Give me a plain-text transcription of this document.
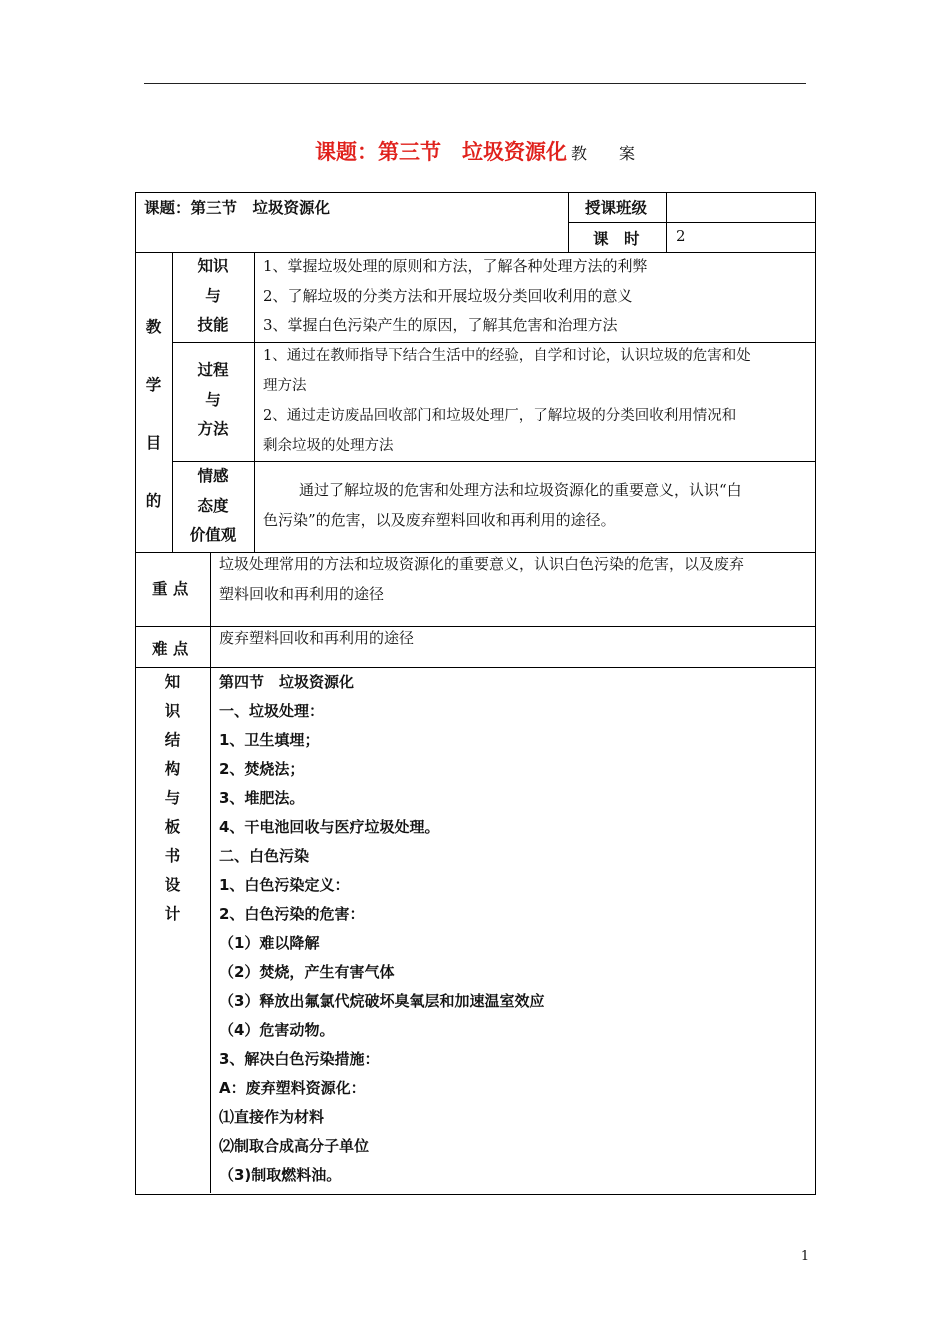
课题：第三节　垃圾资源化 教　　案
课题：第三节　垃圾资源化	授课班级
课　时 2
教
学
目
的
知识
与
技能
1、掌握垃圾处理的原则和方法，了解各种处理方法的利弊
2、了解垃圾的分类方法和开展垃圾分类回收利用的意义
3、掌握白色污染产生的原因，了解其危害和治理方法
过程
与
方法
1、通过在教师指导下结合生活中的经验，自学和讨论，认识垃圾的危害和处
理方法
2、通过走访废品回收部门和垃圾处理厂，了解垃圾的分类回收利用情况和
剩余垃圾的处理方法
情感
态度
价值观
通过了解垃圾的危害和处理方法和垃圾资源化的重要意义，认识“白
色污染”的危害，以及废弃塑料回收和再利用的途径。
重 点
垃圾处理常用的方法和垃圾资源化的重要意义，认识白色污染的危害，以及废弃
塑料回收和再利用的途径
难 点
废弃塑料回收和再利用的途径
知
识
结
构
与
板
书
设
计
第四节　垃圾资源化
一、垃圾处理：
1、卫生填埋；
2、焚烧法；
3、堆肥法。
4、干电池回收与医疗垃圾处理。
二、白色污染
1、白色污染定义：
2、白色污染的危害：
（1）难以降解
（2）焚烧，产生有害气体
（3）释放出氟氯代烷破坏臭氧层和加速温室效应
（4）危害动物。
3、解决白色污染措施：
A：废弃塑料资源化：
⑴直接作为材料
⑵制取合成高分子单位
（3)制取燃料油。
1
